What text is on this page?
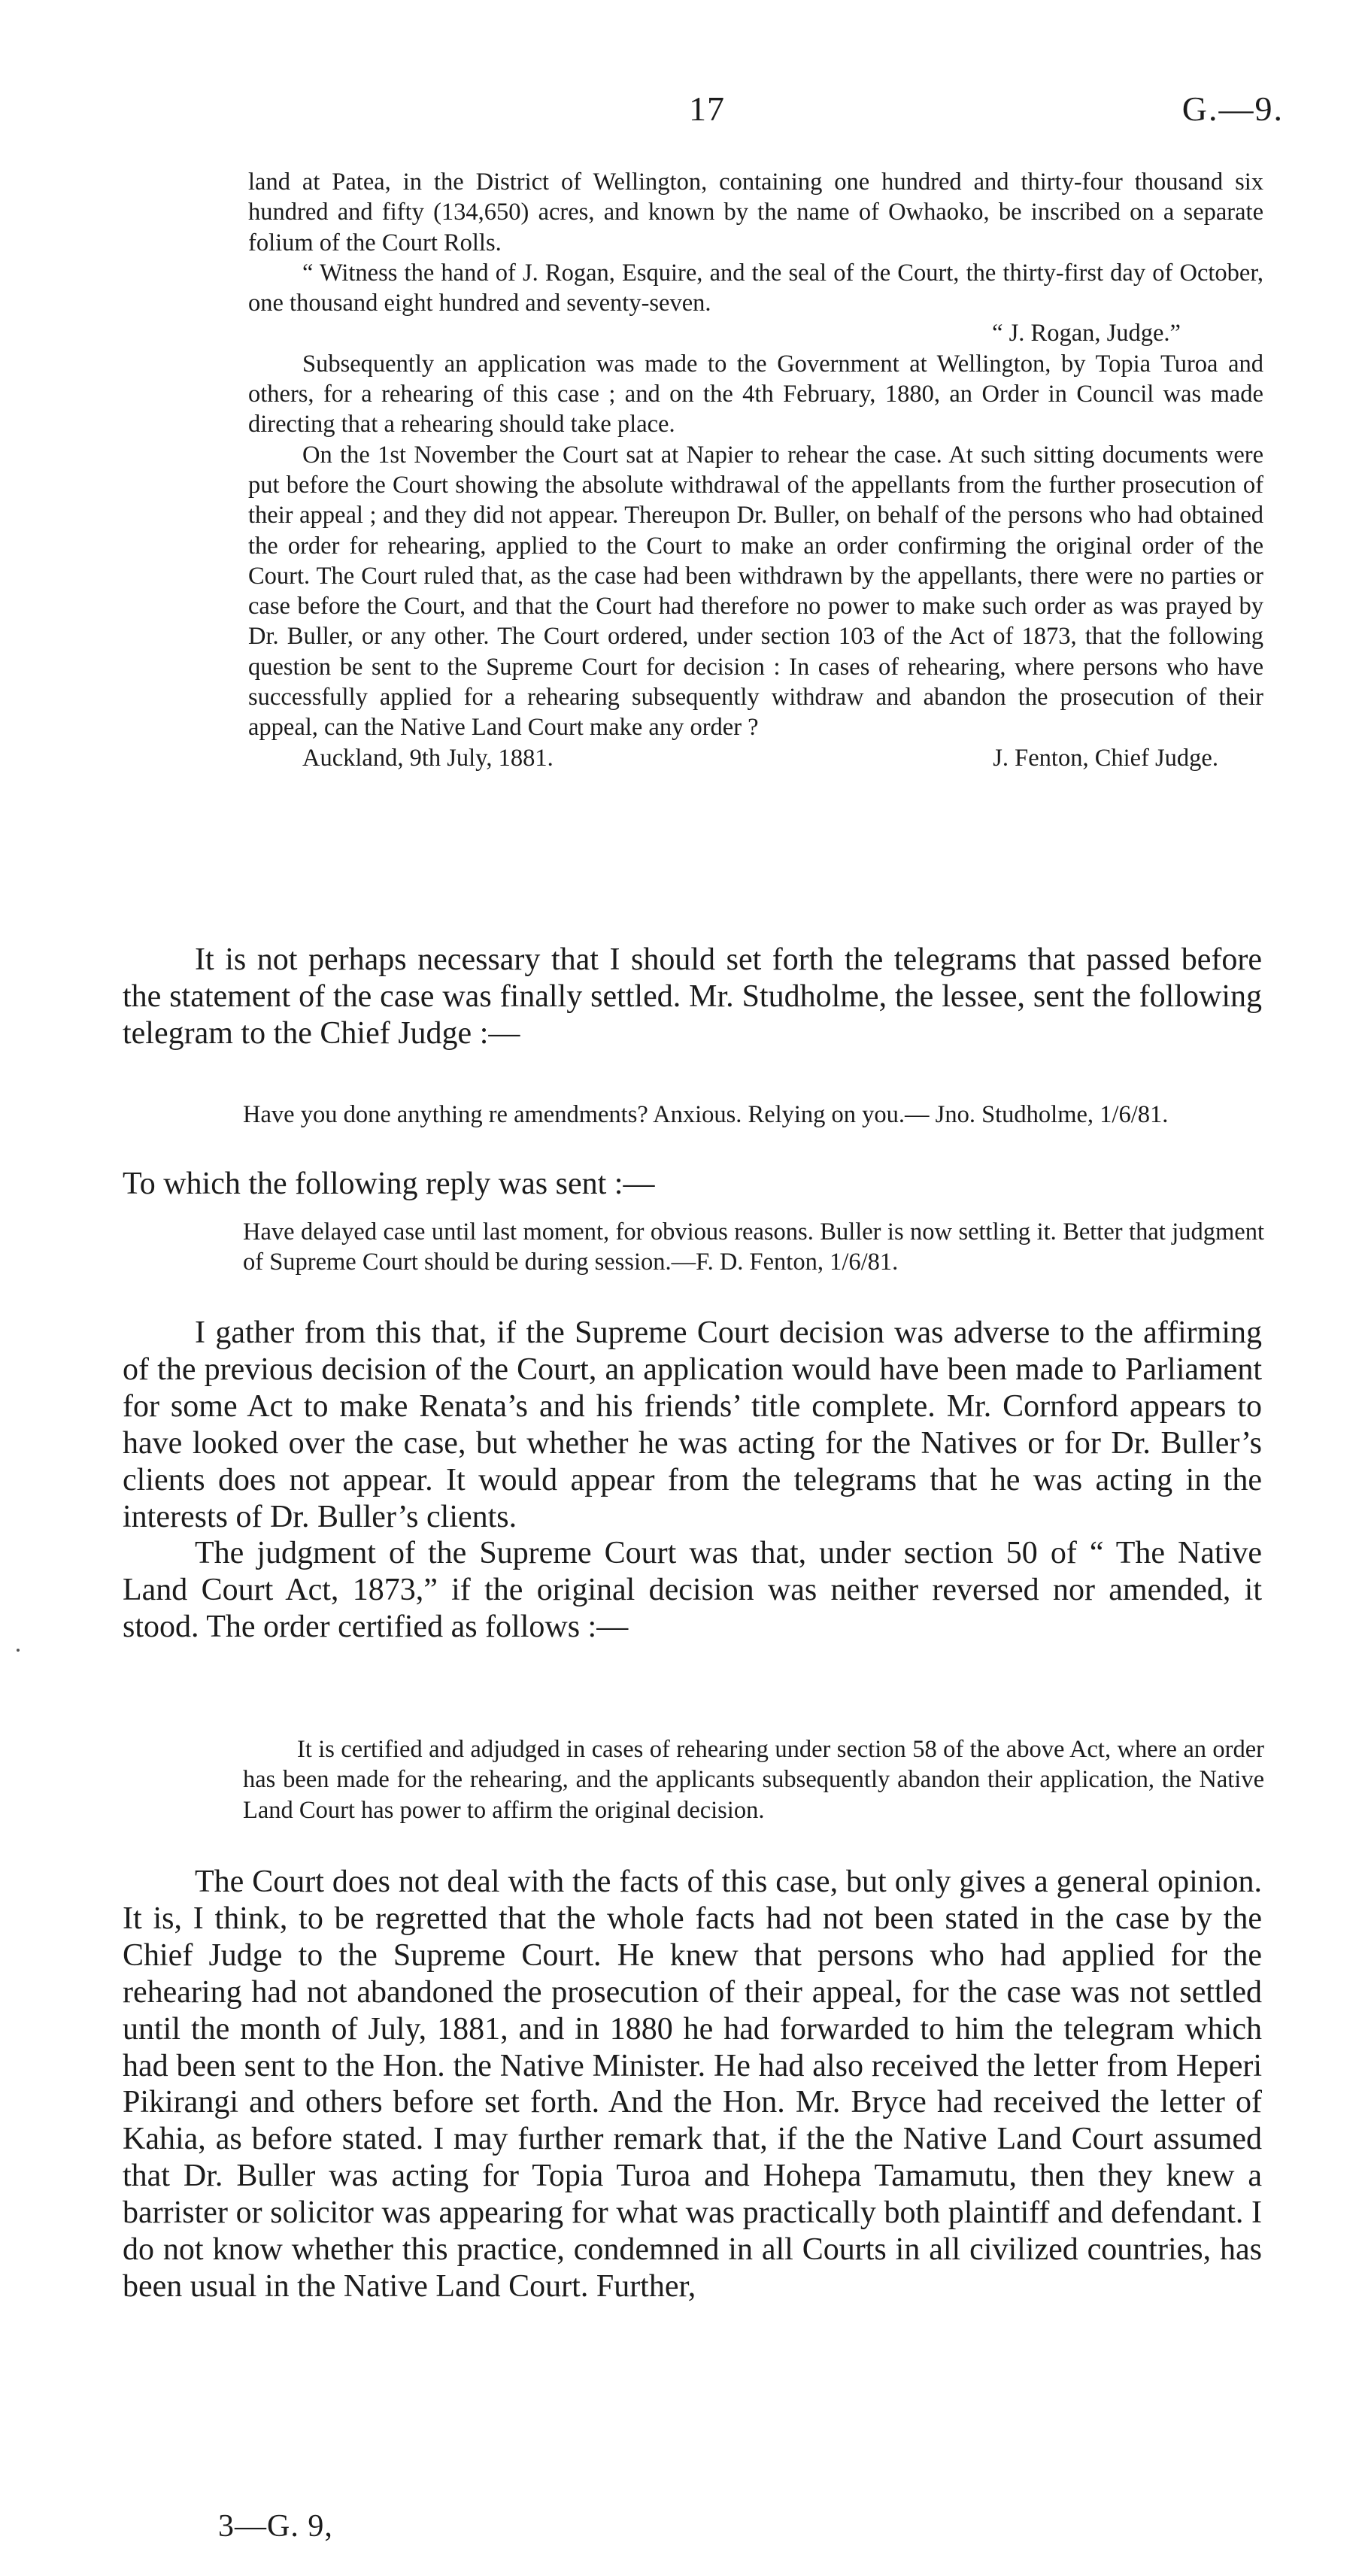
17	G.—9.

land at Patea, in the District of Wellington, containing one hundred and thirty-four thousand six hundred and fifty (134,650) acres, and known by the name of Owhaoko, be inscribed on a separate folium of the Court Rolls.

“ Witness the hand of J. Rogan, Esquire, and the seal of the Court, the thirty-first day of October, one thousand eight hundred and seventy-seven.

“ J. Rogan, Judge.”

Subsequently an application was made to the Government at Wellington, by Topia Turoa and others, for a rehearing of this case ; and on the 4th February, 1880, an Order in Council was made directing that a rehearing should take place.

On the 1st November the Court sat at Napier to rehear the case. At such sitting documents were put before the Court showing the absolute withdrawal of the appellants from the further prosecution of their appeal ; and they did not appear. Thereupon Dr. Buller, on behalf of the persons who had obtained the order for rehearing, applied to the Court to make an order confirming the original order of the Court. The Court ruled that, as the case had been withdrawn by the appellants, there were no parties or case before the Court, and that the Court had therefore no power to make such order as was prayed by Dr. Buller, or any other. The Court ordered, under section 103 of the Act of 1873, that the following question be sent to the Supreme Court for decision : In cases of rehearing, where persons who have successfully applied for a rehearing subsequently withdraw and abandon the prosecution of their appeal, can the Native Land Court make any order ?

Auckland, 9th July, 1881.	J. Fenton, Chief Judge.

It is not perhaps necessary that I should set forth the telegrams that passed before the statement of the case was finally settled. Mr. Studholme, the lessee, sent the following telegram to the Chief Judge :—

Have you done anything re amendments? Anxious. Relying on you.— Jno. Studholme, 1/6/81.

To which the following reply was sent :—

Have delayed case until last moment, for obvious reasons. Buller is now settling it. Better that judgment of Supreme Court should be during session.—F. D. Fenton, 1/6/81.

I gather from this that, if the Supreme Court decision was adverse to the affirming of the previous decision of the Court, an application would have been made to Parliament for some Act to make Renata’s and his friends’ title complete. Mr. Cornford appears to have looked over the case, but whether he was acting for the Natives or for Dr. Buller’s clients does not appear. It would appear from the telegrams that he was acting in the interests of Dr. Buller’s clients.

The judgment of the Supreme Court was that, under section 50 of “ The Native Land Court Act, 1873,” if the original decision was neither reversed nor amended, it stood. The order certified as follows :—

It is certified and adjudged in cases of rehearing under section 58 of the above Act, where an order has been made for the rehearing, and the applicants subsequently abandon their application, the Native Land Court has power to affirm the original decision.

The Court does not deal with the facts of this case, but only gives a general opinion. It is, I think, to be regretted that the whole facts had not been stated in the case by the Chief Judge to the Supreme Court. He knew that persons who had applied for the rehearing had not abandoned the prosecution of their appeal, for the case was not settled until the month of July, 1881, and in 1880 he had forwarded to him the telegram which had been sent to the Hon. the Native Minister. He had also received the letter from Heperi Pikirangi and others before set forth. And the Hon. Mr. Bryce had received the letter of Kahia, as before stated. I may further remark that, if the the Native Land Court assumed that Dr. Buller was acting for Topia Turoa and Hohepa Tamamutu, then they knew a barrister or solicitor was appearing for what was practically both plaintiff and defendant. I do not know whether this practice, condemned in all Courts in all civilized countries, has been usual in the Native Land Court. Further,

3—G. 9,
